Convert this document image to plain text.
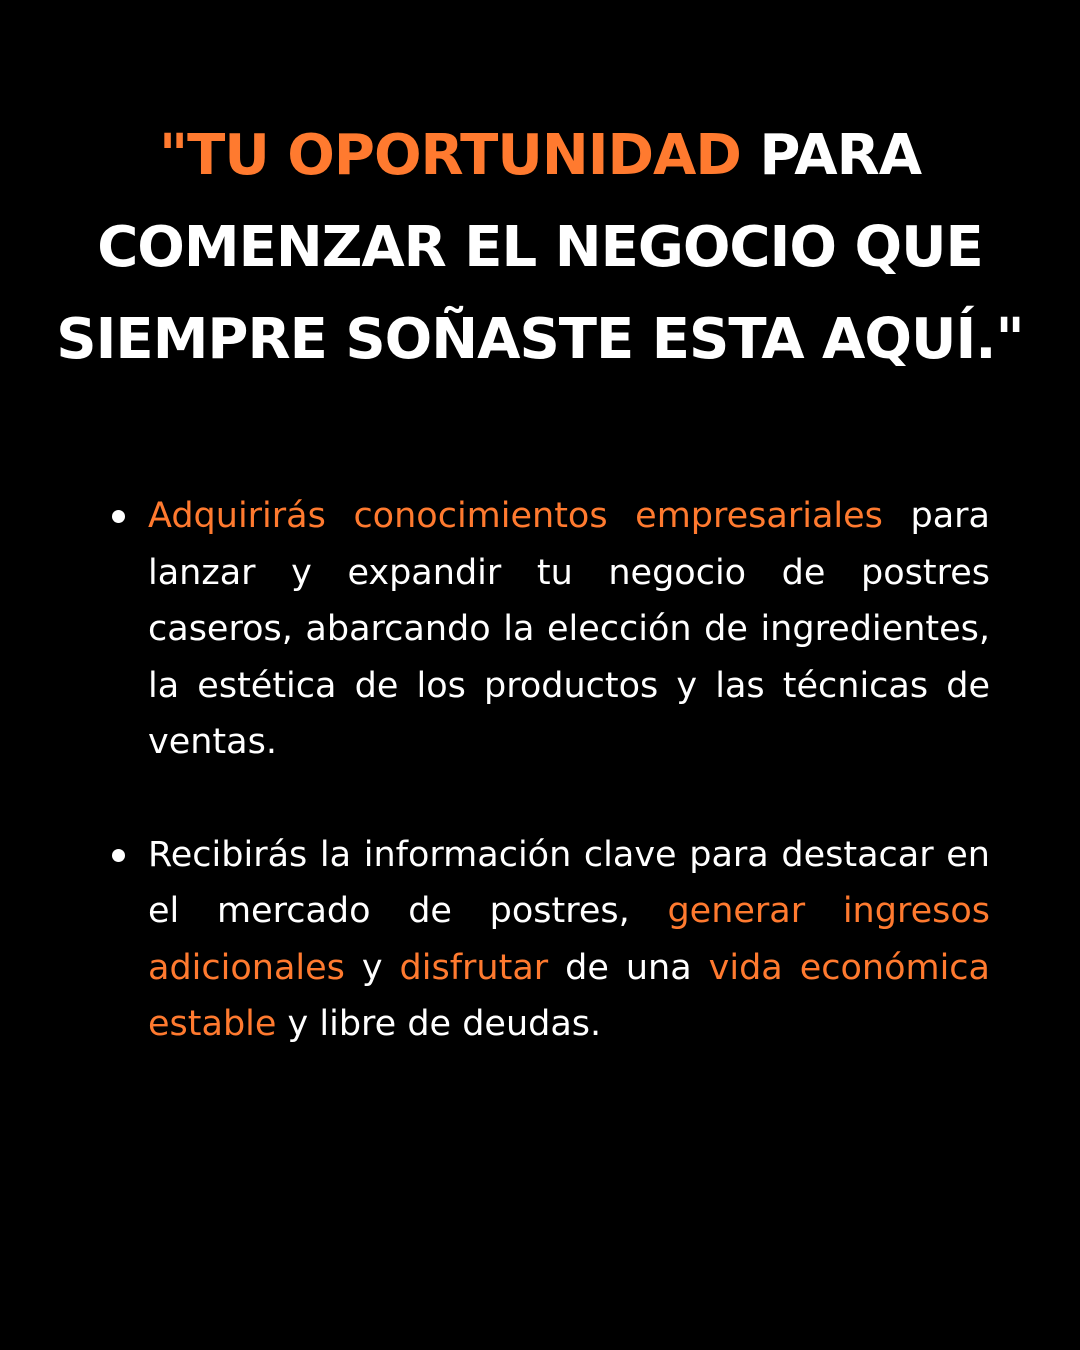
"TU OPORTUNIDAD PARA
COMENZAR EL NEGOCIO QUE
SIEMPRE SOÑASTE ESTA AQUÍ."
Adquirirás conocimientos empresariales para lanzar y expandir tu negocio de postres caseros, abarcando la elección de ingredientes, la estética de los productos y las técnicas de ventas.
Recibirás la información clave para destacar en el mercado de postres, generar ingresos adicionales y disfrutar de una vida económica estable y libre de deudas.
